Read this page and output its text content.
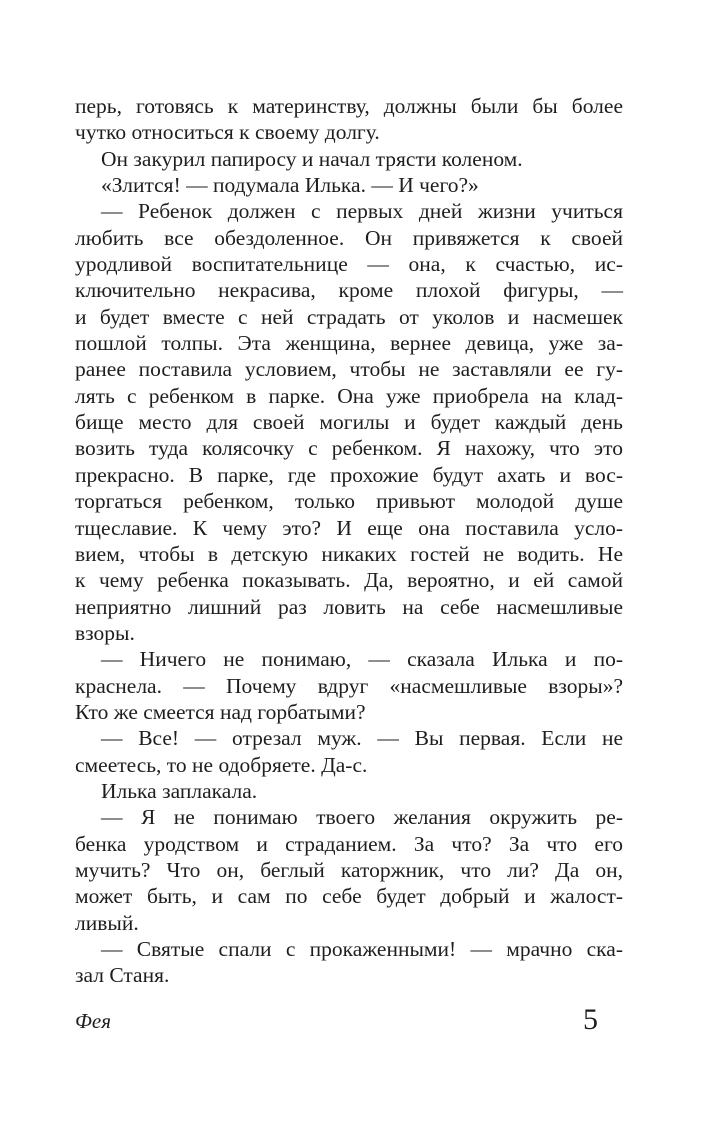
перь, готовясь к материнству, должны были бы более
чутко относиться к своему долгу.
Он закурил папиросу и начал трясти коленом.
«Злится! — подумала Илька. — И чего?»
— Ребенок должен с первых дней жизни учиться
любить все обездоленное. Он привяжется к своей
уродливой воспитательнице — она, к счастью, ис-
ключительно некрасива, кроме плохой фигуры, —
и будет вместе с ней страдать от уколов и насмешек
пошлой толпы. Эта женщина, вернее девица, уже за-
ранее поставила условием, чтобы не заставляли ее гу-
лять с ребенком в парке. Она уже приобрела на клад-
бище место для своей могилы и будет каждый день
возить туда колясочку с ребенком. Я нахожу, что это
прекрасно. В парке, где прохожие будут ахать и вос-
торгаться ребенком, только привьют молодой душе
тщеславие. К чему это? И еще она поставила усло-
вием, чтобы в детскую никаких гостей не водить. Не
к чему ребенка показывать. Да, вероятно, и ей самой
неприятно лишний раз ловить на себе насмешливые
взоры.
— Ничего не понимаю, — сказала Илька и по-
краснела. — Почему вдруг «насмешливые взоры»?
Кто же смеется над горбатыми?
— Все! — отрезал муж. — Вы первая. Если не
смеетесь, то не одобряете. Да-с.
Илька заплакала.
— Я не понимаю твоего желания окружить ре-
бенка уродством и страданием. За что? За что его
мучить? Что он, беглый каторжник, что ли? Да он,
может быть, и сам по себе будет добрый и жалост-
ливый.
— Святые спали с прокаженными! — мрачно ска-
зал Станя.
Фея	5
